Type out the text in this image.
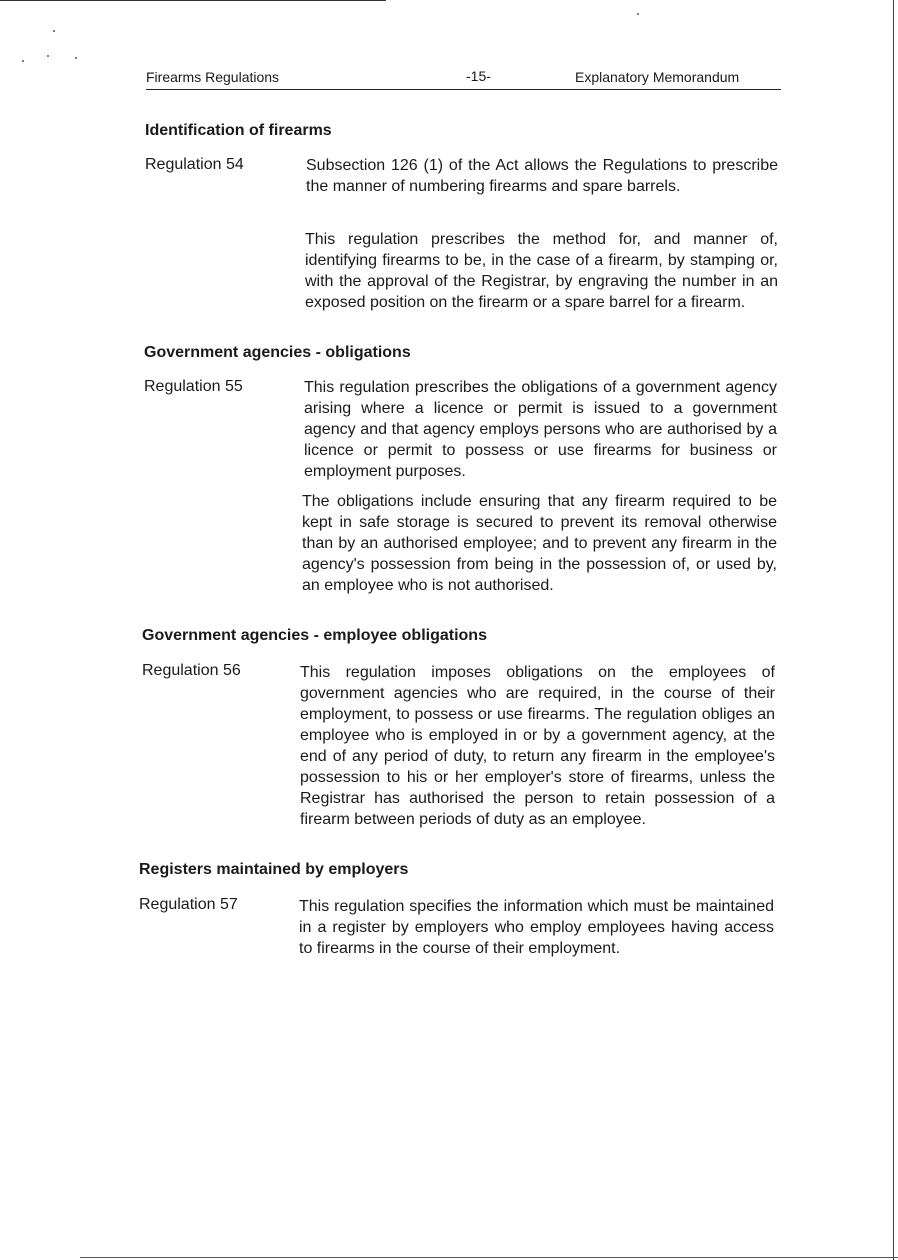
Firearms Regulations	-15-	Explanatory Memorandum
Identification of firearms
Regulation 54	Subsection 126 (1) of the Act allows the Regulations to prescribe the manner of numbering firearms and spare barrels.
This regulation prescribes the method for, and manner of, identifying firearms to be, in the case of a firearm, by stamping or, with the approval of the Registrar, by engraving the number in an exposed position on the firearm or a spare barrel for a firearm.
Government agencies - obligations
Regulation 55	This regulation prescribes the obligations of a government agency arising where a licence or permit is issued to a government agency and that agency employs persons who are authorised by a licence or permit to possess or use firearms for business or employment purposes.
The obligations include ensuring that any firearm required to be kept in safe storage is secured to prevent its removal otherwise than by an authorised employee; and to prevent any firearm in the agency's possession from being in the possession of, or used by, an employee who is not authorised.
Government agencies - employee obligations
Regulation 56	This regulation imposes obligations on the employees of government agencies who are required, in the course of their employment, to possess or use firearms. The regulation obliges an employee who is employed in or by a government agency, at the end of any period of duty, to return any firearm in the employee's possession to his or her employer's store of firearms, unless the Registrar has authorised the person to retain possession of a firearm between periods of duty as an employee.
Registers maintained by employers
Regulation 57	This regulation specifies the information which must be maintained in a register by employers who employ employees having access to firearms in the course of their employment.
